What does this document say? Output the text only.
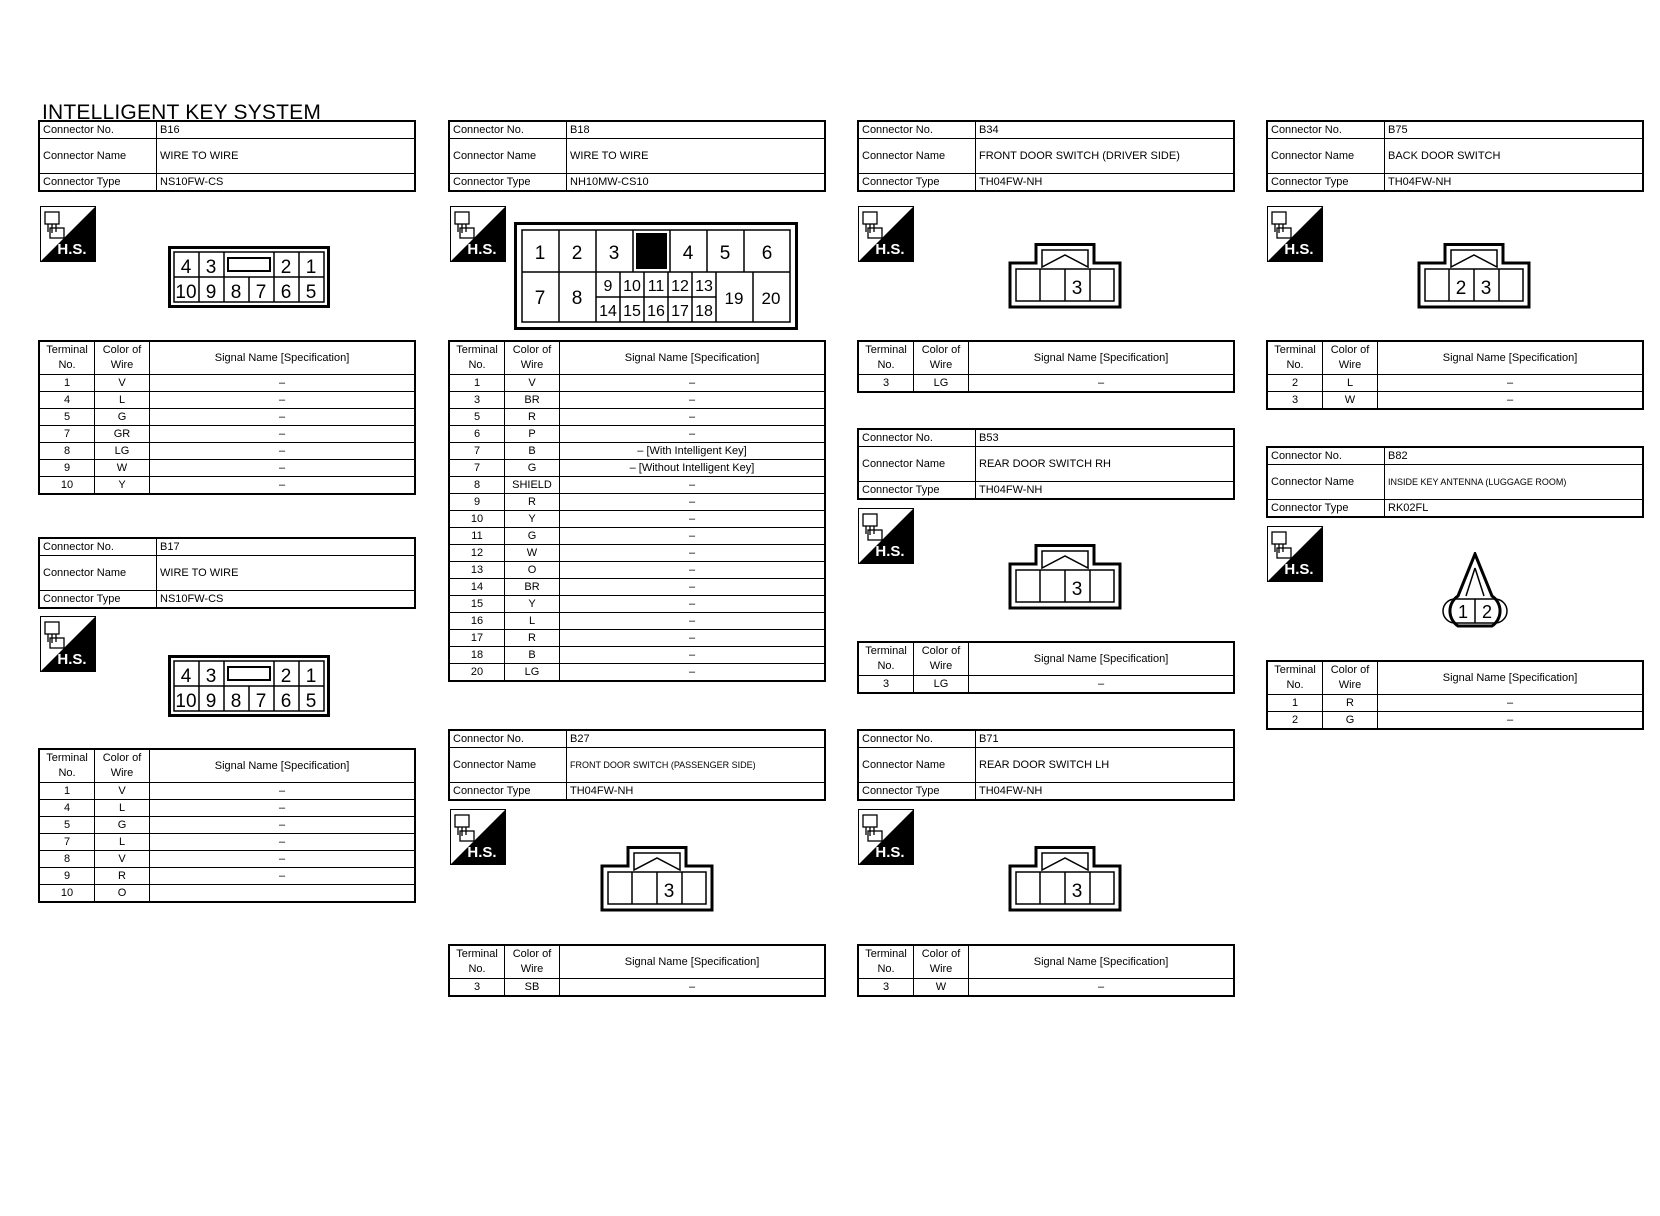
INTELLIGENT KEY SYSTEM
Connector No.	B16
Connector Name	WIRE TO WIRE
Connector Type	NS10FW-CS
H.S.
4 3	2 1
10 9 8 7 6 5
Terminal No.	Color of Wire	Signal Name [Specification]
1	V	–
4	L	–
5	G	–
7	GR	–
8	LG	–
9	W	–
10	Y	–
Connector No.	B17
Connector Name	WIRE TO WIRE
Connector Type	NS10FW-CS
H.S.
4 3	2 1
10 9 8 7 6 5
Terminal No.	Color of Wire	Signal Name [Specification]
1	V	–
4	L	–
5	G	–
7	L	–
8	V	–
9	R	–
10	O	
Connector No.	B18
Connector Name	WIRE TO WIRE
Connector Type	NH10MW-CS10
H.S. 1 2 3	4 5 6
7 8	19 20
9 10 11 12 13
14 15 16 17 18
Terminal No.	Color of Wire	Signal Name [Specification]
1	V	–
3	BR	–
5	R	–
6	P	–
7	B	– [With Intelligent Key]
7	G	– [Without Intelligent Key]
8	SHIELD	–
9	R	–
10	Y	–
11	G	–
12	W	–
13	O	–
14	BR	–
15	Y	–
16	L	–
17	R	–
18	B	–
20	LG	–
Connector No.	B27
Connector Name	FRONT DOOR SWITCH (PASSENGER SIDE)
Connector Type	TH04FW-NH
H.S.
3
Terminal No.	Color of Wire	Signal Name [Specification]
3	SB	–
Connector No.	B34
Connector Name	FRONT DOOR SWITCH (DRIVER SIDE)
Connector Type	TH04FW-NH
H.S.
3
Terminal No.	Color of Wire	Signal Name [Specification]
3	LG	–
Connector No.	B53
Connector Name	REAR DOOR SWITCH RH
Connector Type	TH04FW-NH
H.S.
3
Terminal No.	Color of Wire	Signal Name [Specification]
3	LG	–
Connector No.	B71
Connector Name	REAR DOOR SWITCH LH
Connector Type	TH04FW-NH
H.S.
3
Terminal No.	Color of Wire	Signal Name [Specification]
3	W	–
Connector No.	B75
Connector Name	BACK DOOR SWITCH
Connector Type	TH04FW-NH
H.S.
2 3
Terminal No.	Color of Wire	Signal Name [Specification]
2	L	–
3	W	–
Connector No.	B82
Connector Name	INSIDE KEY ANTENNA (LUGGAGE ROOM)
Connector Type	RK02FL
H.S.
1 2
Terminal No.	Color of Wire	Signal Name [Specification]
1	R	–
2	G	–
